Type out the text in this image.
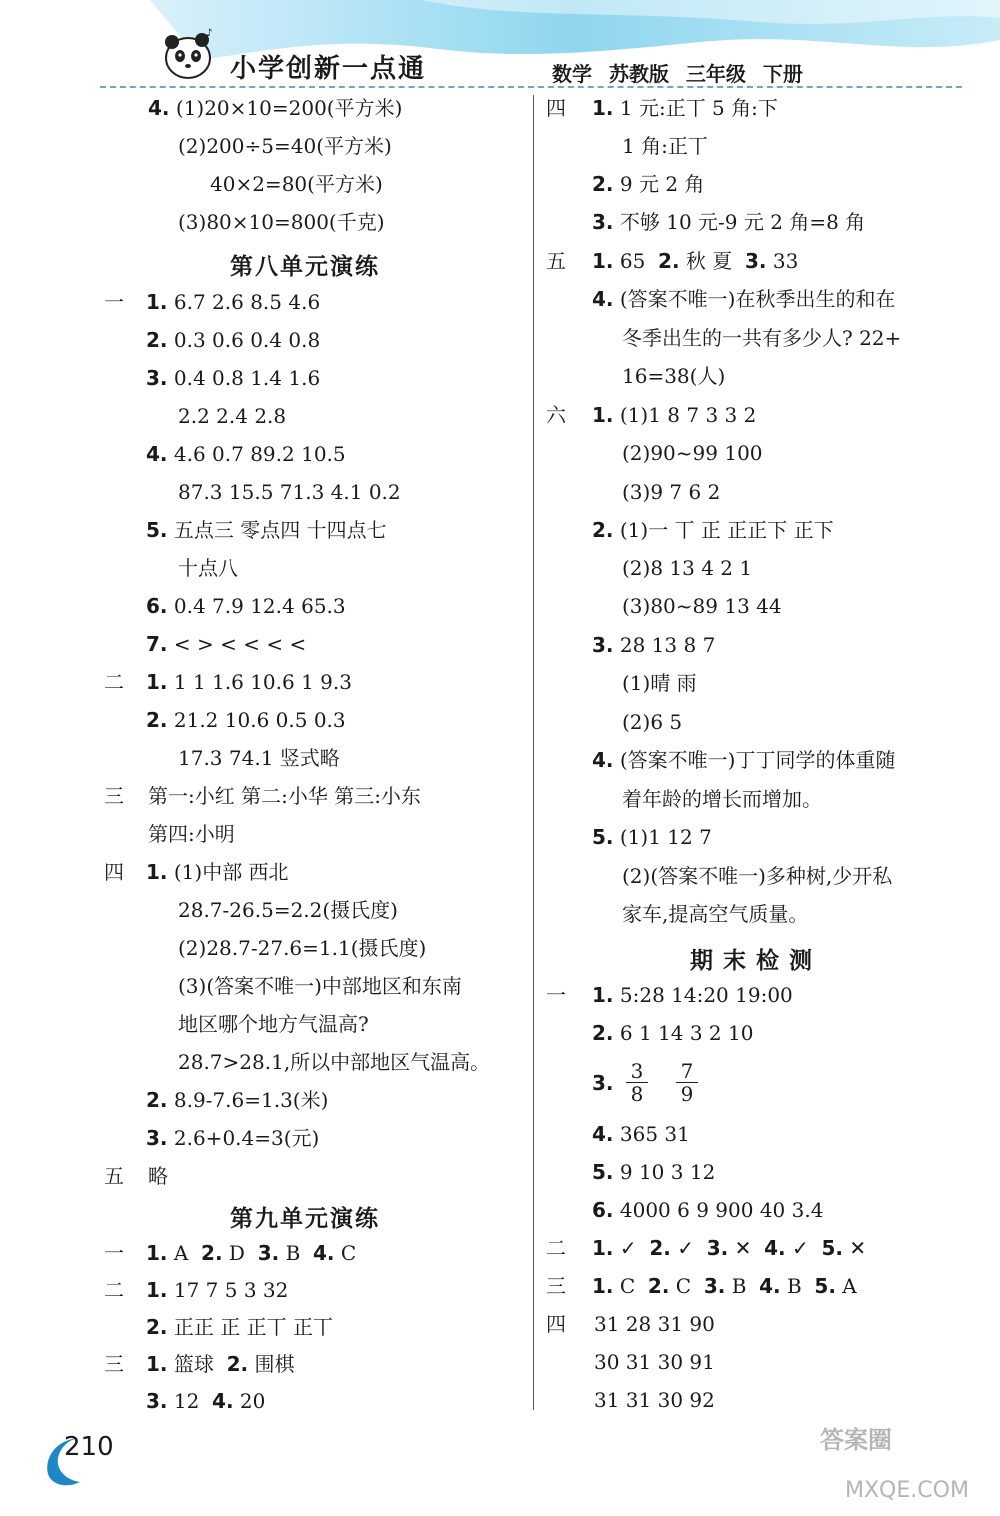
♪
小学创新一点通	数学 苏教版 三年级 下册
4. (1)20×10=200(平方米)
(2)200÷5=40(平方米)
40×2=80(平方米)
(3)80×10=800(千克)
第八单元演练
一 1. 6.7 2.6 8.5 4.6
2. 0.3 0.6 0.4 0.8
3. 0.4 0.8 1.4 1.6
2.2 2.4 2.8
4. 4.6 0.7 89.2 10.5
87.3 15.5 71.3 4.1 0.2
5. 五点三 零点四 十四点七
十点八
6. 0.4 7.9 12.4 65.3
7. < > < < < <
二 1. 1 1 1.6 10.6 1 9.3
2. 21.2 10.6 0.5 0.3
17.3 74.1 竖式略
三 第一:小红 第二:小华 第三:小东
第四:小明
四 1. (1)中部 西北
28.7-26.5=2.2(摄氏度)
(2)28.7-27.6=1.1(摄氏度)
(3)(答案不唯一)中部地区和东南
地区哪个地方气温高?
28.7>28.1,所以中部地区气温高。
2. 8.9-7.6=1.3(米)
3. 2.6+0.4=3(元)
五 略
第九单元演练
一 1. A 2. D 3. B 4. C
二 1. 17 7 5 3 32
2. 正正 正 正丅 正丅
三 1. 篮球 2. 围棋
3. 12 4. 20
四 1. 1 元:正丅 5 角:下
1 角:正丅
2. 9 元 2 角
3. 不够 10 元-9 元 2 角=8 角
五 1. 65 2. 秋 夏 3. 33
4. (答案不唯一)在秋季出生的和在
冬季出生的一共有多少人? 22+
16=38(人)
六 1. (1)1 8 7 3 3 2
(2)90~99 100
(3)9 7 6 2
2. (1)一 丅 正 正正下 正下
(2)8 13 4 2 1
(3)80~89 13 44
3. 28 13 8 7
(1)晴 雨
(2)6 5
4. (答案不唯一)丁丁同学的体重随
着年龄的增长而增加。
5. (1)1 12 7
(2)(答案不唯一)多种树,少开私
家车,提高空气质量。
期末检测
一 1. 5:28 14:20 19:00
2. 6 1 14 3 2 10
3. $\frac{3}{8} \frac{7}{9}$
4. 365 31
5. 9 10 3 12
6. 4000 6 9 900 40 3.4
二 1. ✓ 2. ✓ 3. ✕ 4. ✓ 5. ✕
三 1. C 2. C 3. B 4. B 5. A
四 31 28 31 90
30 31 30 91
31 31 30 92
210	答案圈
MXQE.COM
